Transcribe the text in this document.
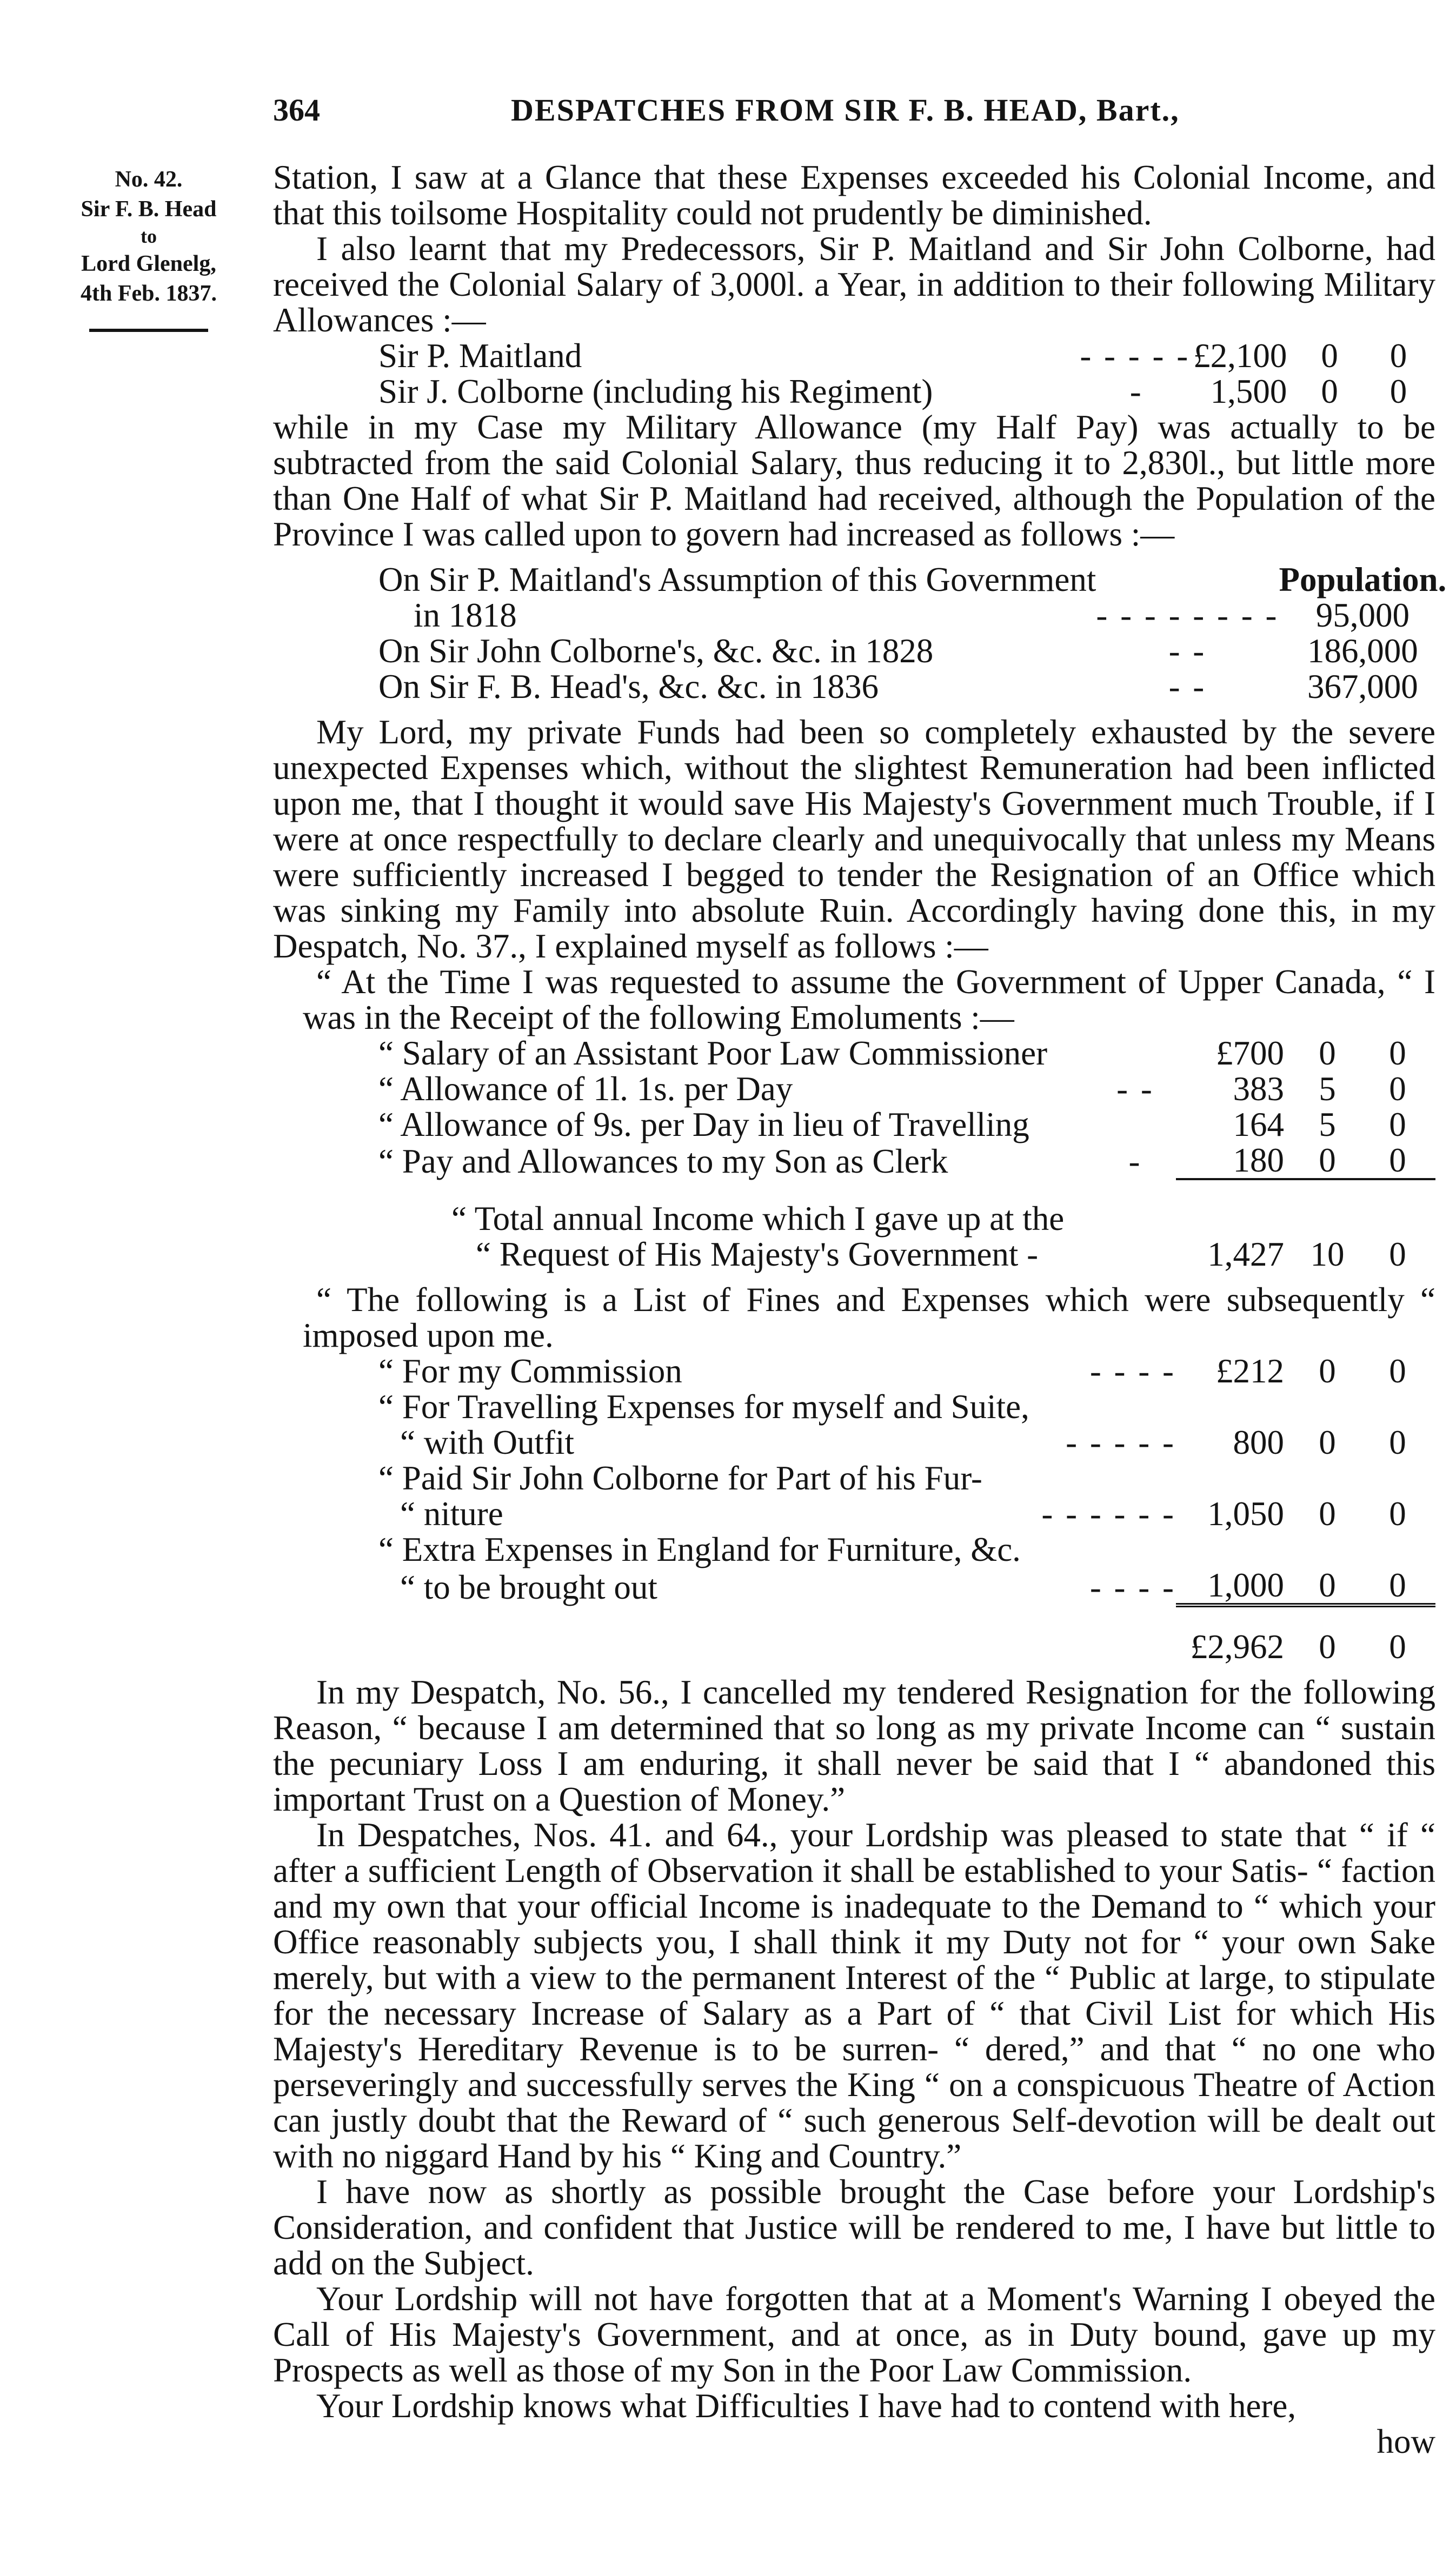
364	DESPATCHES FROM SIR F. B. HEAD, Bart.,
No. 42.
Sir F. B. Head
to
Lord Glenelg,
4th Feb. 1837.

Station, I saw at a Glance that these Expenses exceeded his Colonial Income, and that this toilsome Hospitality could not prudently be diminished.

I also learnt that my Predecessors, Sir P. Maitland and Sir John Colborne, had received the Colonial Salary of 3,000l. a Year, in addition to their following Military Allowances :—

Sir P. Maitland	- - - - -	£2,100	0	0
Sir J. Colborne (including his Regiment)	-	1,500	0	0

while in my Case my Military Allowance (my Half Pay) was actually to be subtracted from the said Colonial Salary, thus reducing it to 2,830l., but little more than One Half of what Sir P. Maitland had received, although the Population of the Province I was called upon to govern had increased as follows :—

On Sir P. Maitland's Assumption of this Government		Population.
in 1818	- - - - - - - -	95,000
On Sir John Colborne's, &c. &c. in 1828	- -	186,000
On Sir F. B. Head's, &c. &c. in 1836	- -	367,000

My Lord, my private Funds had been so completely exhausted by the severe unexpected Expenses which, without the slightest Remuneration had been inflicted upon me, that I thought it would save His Majesty's Government much Trouble, if I were at once respectfully to declare clearly and unequivocally that unless my Means were sufficiently increased I begged to tender the Resignation of an Office which was sinking my Family into absolute Ruin. Accordingly having done this, in my Despatch, No. 37., I explained myself as follows :—

“ At the Time I was requested to assume the Government of Upper Canada, “ I was in the Receipt of the following Emoluments :—

“ Salary of an Assistant Poor Law Commissioner		£700	0	0
“ Allowance of 1l. 1s. per Day	- -	383	5	0
“ Allowance of 9s. per Day in lieu of Travelling		164	5	0
“ Pay and Allowances to my Son as Clerk	-	180	0	0

“ Total annual Income which I gave up at the				
“ Request of His Majesty's Government -		1,427	10	0

“ The following is a List of Fines and Expenses which were subsequently “ imposed upon me.

“ For my Commission	- - - -	£212	0	0
“ For Travelling Expenses for myself and Suite,				
“ with Outfit	- - - - -	800	0	0
“ Paid Sir John Colborne for Part of his Fur-				
“ niture	- - - - - -	1,050	0	0
“ Extra Expenses in England for Furniture, &c.				
“ to be brought out	- - - -	1,000	0	0

		£2,962	0	0

In my Despatch, No. 56., I cancelled my tendered Resignation for the following Reason, “ because I am determined that so long as my private Income can “ sustain the pecuniary Loss I am enduring, it shall never be said that I “ abandoned this important Trust on a Question of Money.”

In Despatches, Nos. 41. and 64., your Lordship was pleased to state that “ if “ after a sufficient Length of Observation it shall be established to your Satis- “ faction and my own that your official Income is inadequate to the Demand to “ which your Office reasonably subjects you, I shall think it my Duty not for “ your own Sake merely, but with a view to the permanent Interest of the “ Public at large, to stipulate for the necessary Increase of Salary as a Part of “ that Civil List for which His Majesty's Hereditary Revenue is to be surren- “ dered,” and that “ no one who perseveringly and successfully serves the King “ on a conspicuous Theatre of Action can justly doubt that the Reward of “ such generous Self-devotion will be dealt out with no niggard Hand by his “ King and Country.”

I have now as shortly as possible brought the Case before your Lordship's Consideration, and confident that Justice will be rendered to me, I have but little to add on the Subject.

Your Lordship will not have forgotten that at a Moment's Warning I obeyed the Call of His Majesty's Government, and at once, as in Duty bound, gave up my Prospects as well as those of my Son in the Poor Law Commission.

Your Lordship knows what Difficulties I have had to contend with here,

how
